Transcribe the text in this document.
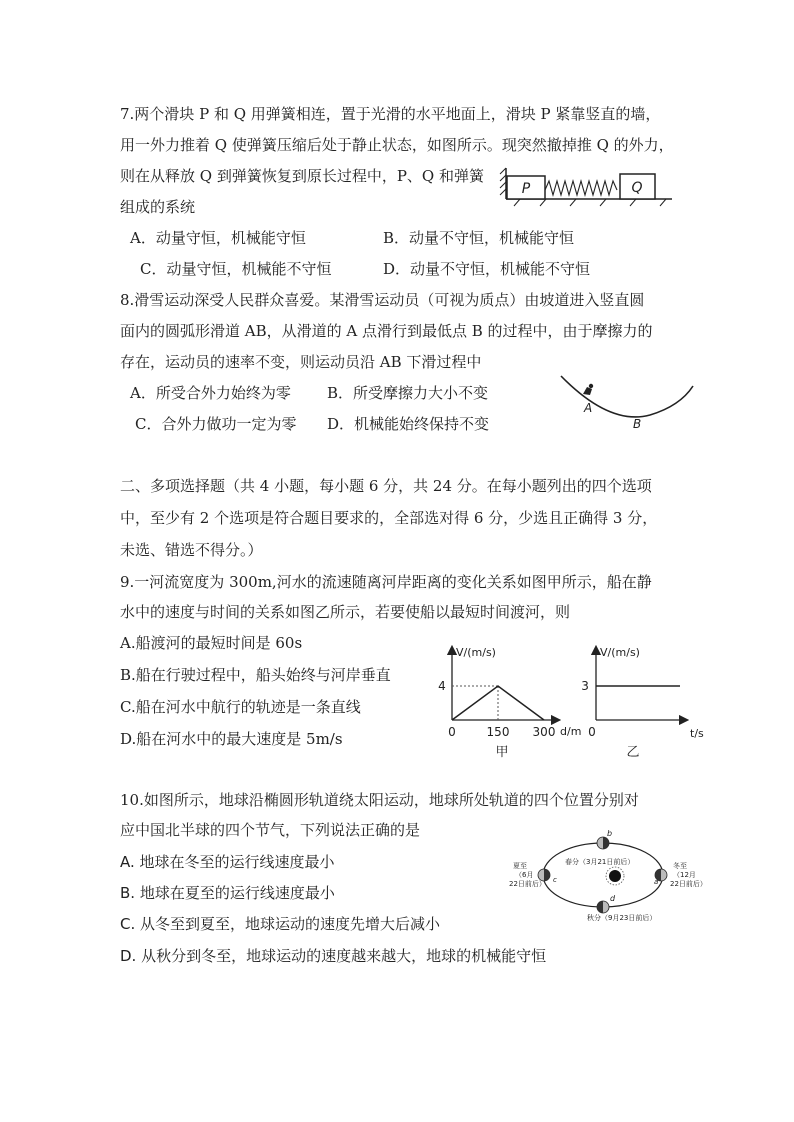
7.两个滑块 P 和 Q 用弹簧相连，置于光滑的水平地面上，滑块 P 紧靠竖直的墙，
用一外力推着 Q 使弹簧压缩后处于静止状态，如图所示。现突然撤掉推 Q 的外力，
则在从释放 Q 到弹簧恢复到原长过程中，P、Q 和弹簧
组成的系统
A．动量守恒，机械能守恒	B．动量不守恒，机械能守恒
C．动量守恒，机械能不守恒	D．动量不守恒，机械能不守恒
P	Q
8.滑雪运动深受人民群众喜爱。某滑雪运动员（可视为质点）由坡道进入竖直圆
面内的圆弧形滑道 AB，从滑道的 A 点滑行到最低点 B 的过程中，由于摩擦力的
存在，运动员的速率不变，则运动员沿 AB 下滑过程中
A．所受合外力始终为零 B．所受摩擦力大小不变
C．合外力做功一定为零 D．机械能始终保持不变
A
B
二、多项选择题（共 4 小题，每小题 6 分，共 24 分。在每小题列出的四个选项
中，至少有 2 个选项是符合题目要求的，全部选对得 6 分，少选且正确得 3 分，
未选、错选不得分。）
9.一河流宽度为 300m,河水的流速随离河岸距离的变化关系如图甲所示，船在静
水中的速度与时间的关系如图乙所示，若要使船以最短时间渡河，则
A.船渡河的最短时间是 60s
B.船在行驶过程中，船头始终与河岸垂直
C.船在河水中航行的轨迹是一条直线
D.船在河水中的最大速度是 5m/s
V/(m/s)
d/m
4
0	150 300
甲
V/(m/s)
t/s
3
0
乙
10.如图所示，地球沿椭圆形轨道绕太阳运动，地球所处轨道的四个位置分别对
应中国北半球的四个节气，下列说法正确的是
A. 地球在冬至的运行线速度最小
B. 地球在夏至的运行线速度最小
C. 从冬至到夏至，地球运动的速度先增大后减小
D. 从秋分到冬至，地球运动的速度越来越大，地球的机械能守恒
b
d
c	a
春分（3月21日前后）
夏至
（6月
22日前后）
冬至
（12月
22日前后）
秋分（9月23日前后）
